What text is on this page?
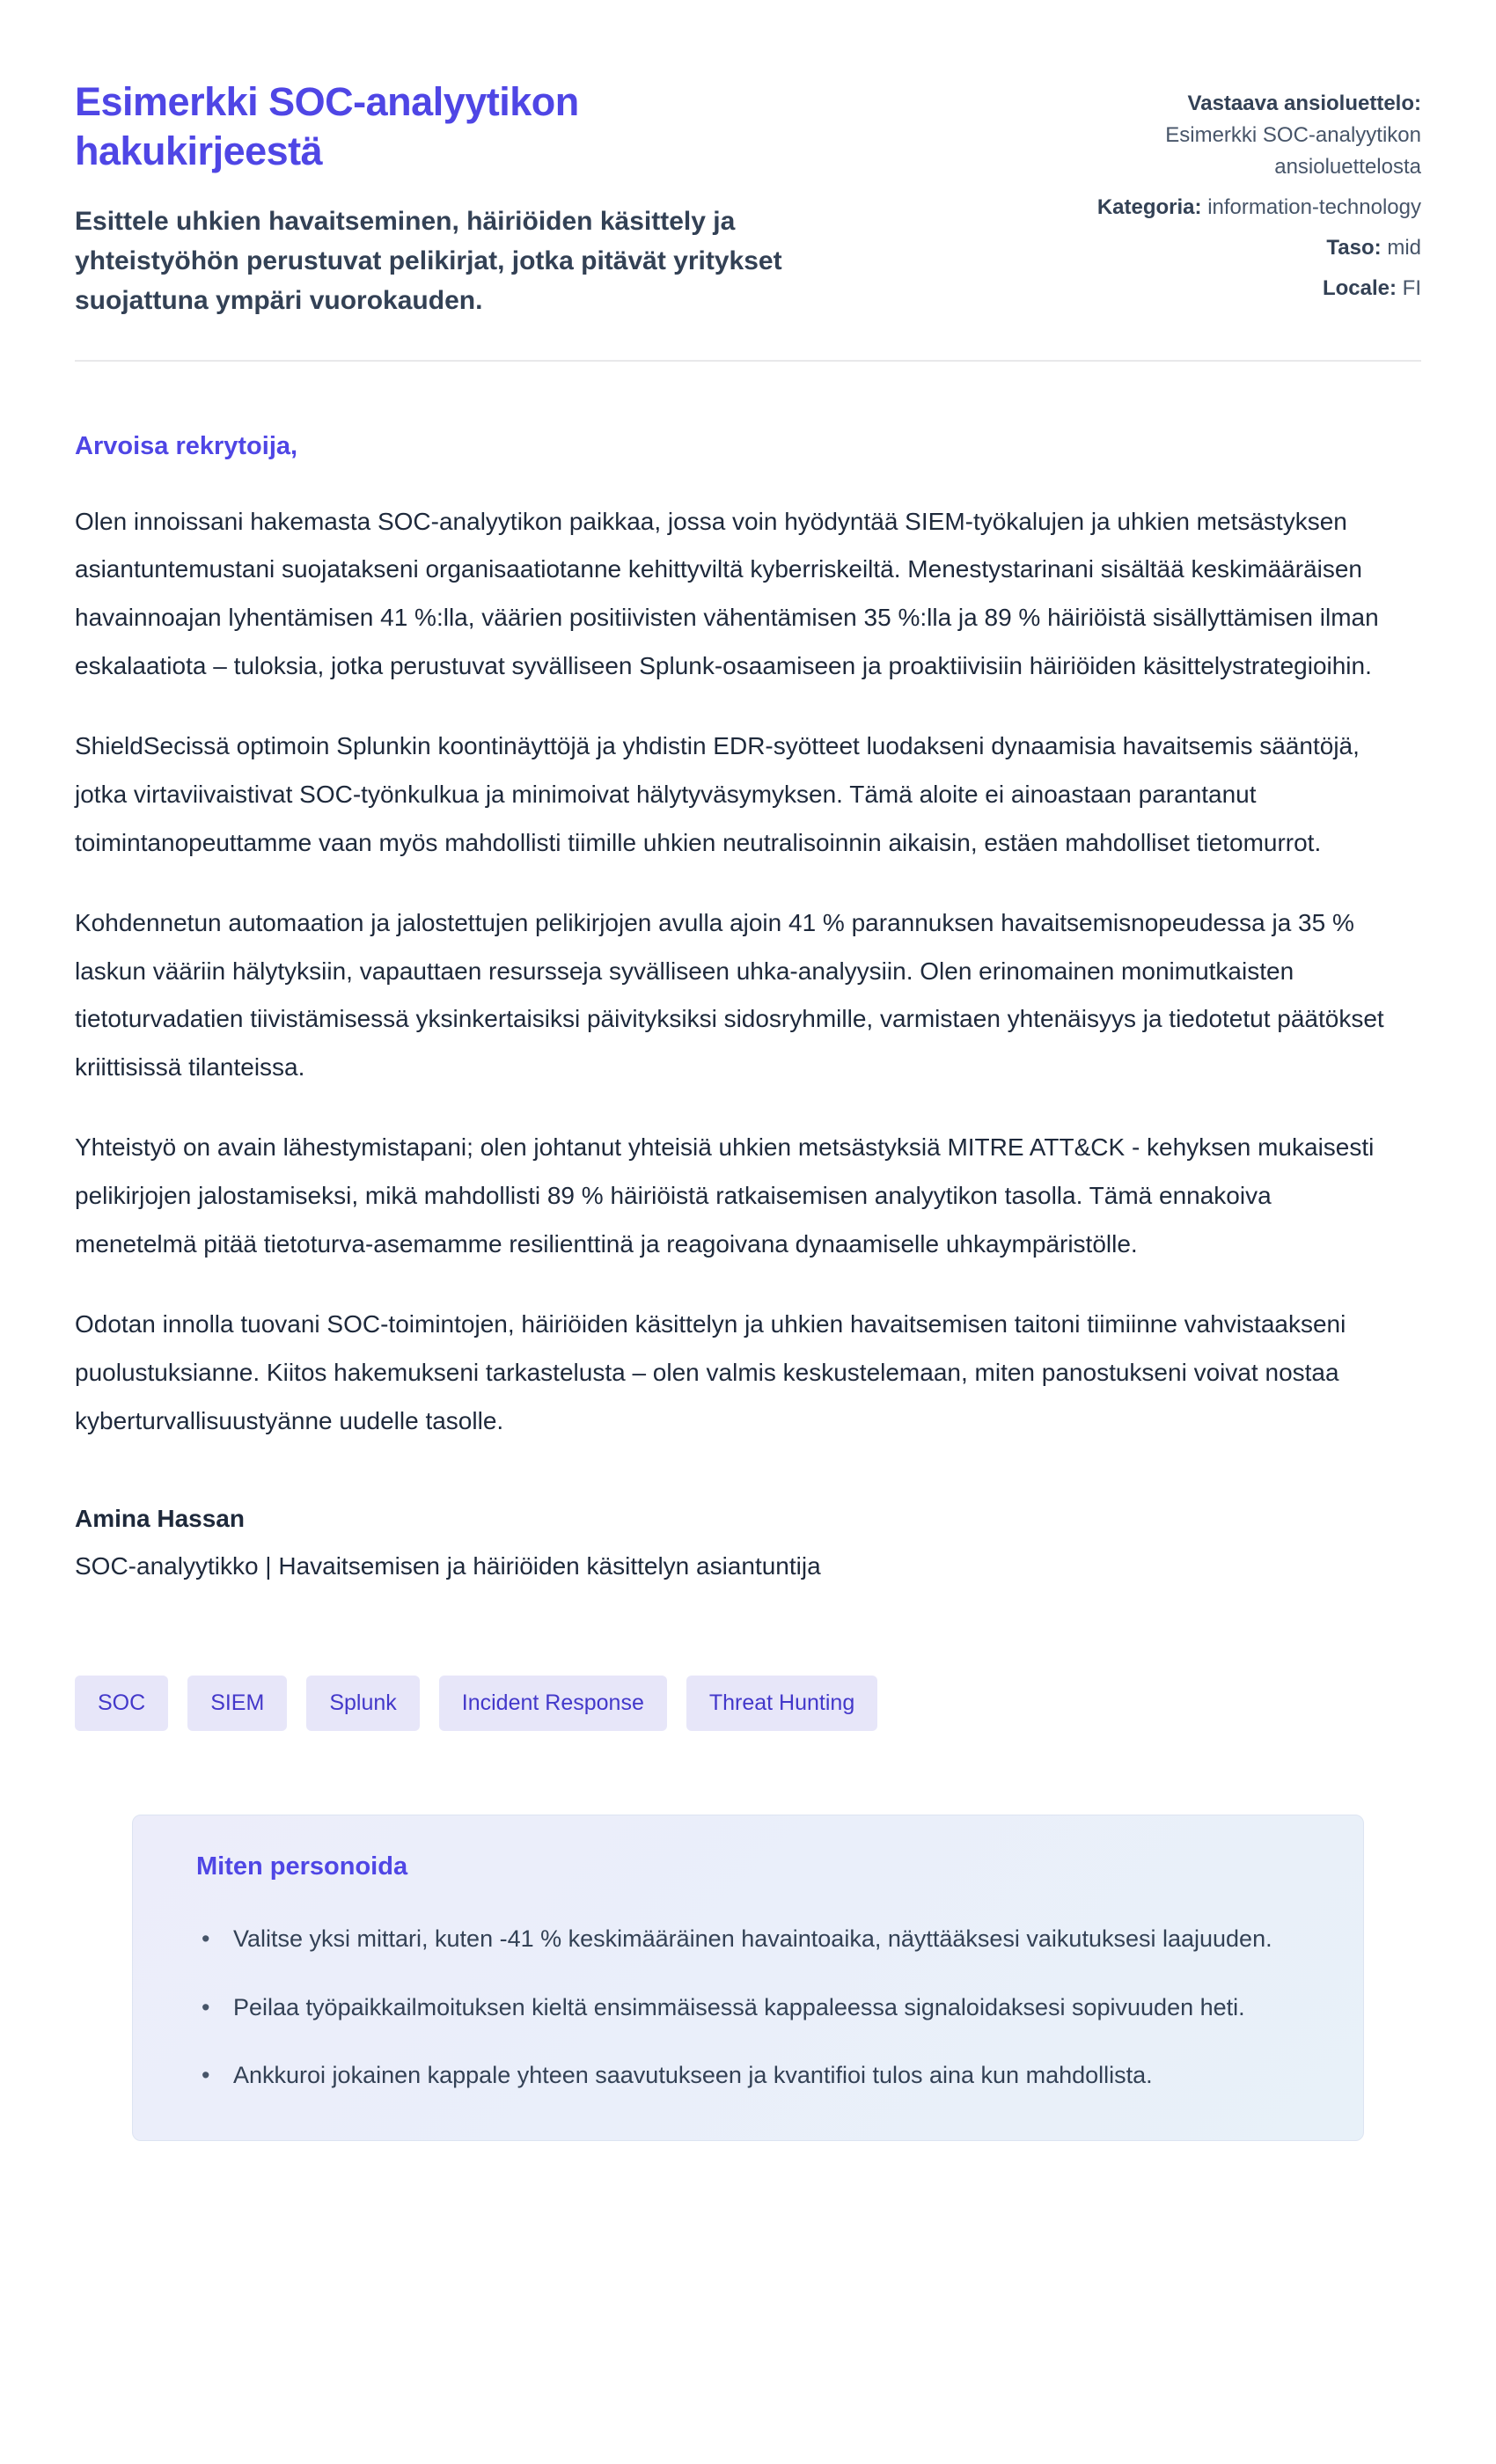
Esimerkki SOC-analyytikon hakukirjeestä
Esittele uhkien havaitseminen, häiriöiden käsittely ja yhteistyöhön perustuvat pelikirjat, jotka pitävät yritykset suojattuna ympäri vuorokauden.
Vastaava ansioluettelo:
Esimerkki SOC-analyytikon ansioluettelosta
Kategoria: information-technology
Taso: mid
Locale: FI

Arvoisa rekrytoija,

Olen innoissani hakemasta SOC-analyytikon paikkaa, jossa voin hyödyntää SIEM-työkalujen ja uhkien metsästyksen asiantuntemustani suojatakseni organisaatiotanne kehittyviltä kyberriskeiltä. Menestystarinani sisältää keskimääräisen havainnoajan lyhentämisen 41 %:lla, väärien positiivisten vähentämisen 35 %:lla ja 89 % häiriöistä sisällyttämisen ilman eskalaatiota – tuloksia, jotka perustuvat syvälliseen Splunk-osaamiseen ja proaktiivisiin häiriöiden käsittelystrategioihin.

ShieldSecissä optimoin Splunkin koontinäyttöjä ja yhdistin EDR-syötteet luodakseni dynaamisia havaitsemis sääntöjä, jotka virtaviivaistivat SOC-työnkulkua ja minimoivat hälytyväsymyksen. Tämä aloite ei ainoastaan parantanut toimintanopeuttamme vaan myös mahdollisti tiimille uhkien neutralisoinnin aikaisin, estäen mahdolliset tietomurrot.

Kohdennetun automaation ja jalostettujen pelikirjojen avulla ajoin 41 % parannuksen havaitsemisnopeudessa ja 35 % laskun vääriin hälytyksiin, vapauttaen resursseja syvälliseen uhka-analyysiin. Olen erinomainen monimutkaisten tietoturvadatien tiivistämisessä yksinkertaisiksi päivityksiksi sidosryhmille, varmistaen yhtenäisyys ja tiedotetut päätökset kriittisissä tilanteissa.

Yhteistyö on avain lähestymistapani; olen johtanut yhteisiä uhkien metsästyksiä MITRE ATT&CK - kehyksen mukaisesti pelikirjojen jalostamiseksi, mikä mahdollisti 89 % häiriöistä ratkaisemisen analyytikon tasolla. Tämä ennakoiva menetelmä pitää tietoturva-asemamme resilienttinä ja reagoivana dynaamiselle uhkaympäristölle.

Odotan innolla tuovani SOC-toimintojen, häiriöiden käsittelyn ja uhkien havaitsemisen taitoni tiimiinne vahvistaakseni puolustuksianne. Kiitos hakemukseni tarkastelusta – olen valmis keskustelemaan, miten panostukseni voivat nostaa kyberturvallisuustyänne uudelle tasolle.

Amina Hassan
SOC-analyytikko | Havaitsemisen ja häiriöiden käsittelyn asiantuntija
SOC	SIEM	Splunk	Incident Response	Threat Hunting
Miten personoida
• Valitse yksi mittari, kuten -41 % keskimääräinen havaintoaika, näyttääksesi vaikutuksesi laajuuden.
• Peilaa työpaikkailmoituksen kieltä ensimmäisessä kappaleessa signaloidaksesi sopivuuden heti.
• Ankkuroi jokainen kappale yhteen saavutukseen ja kvantifioi tulos aina kun mahdollista.
